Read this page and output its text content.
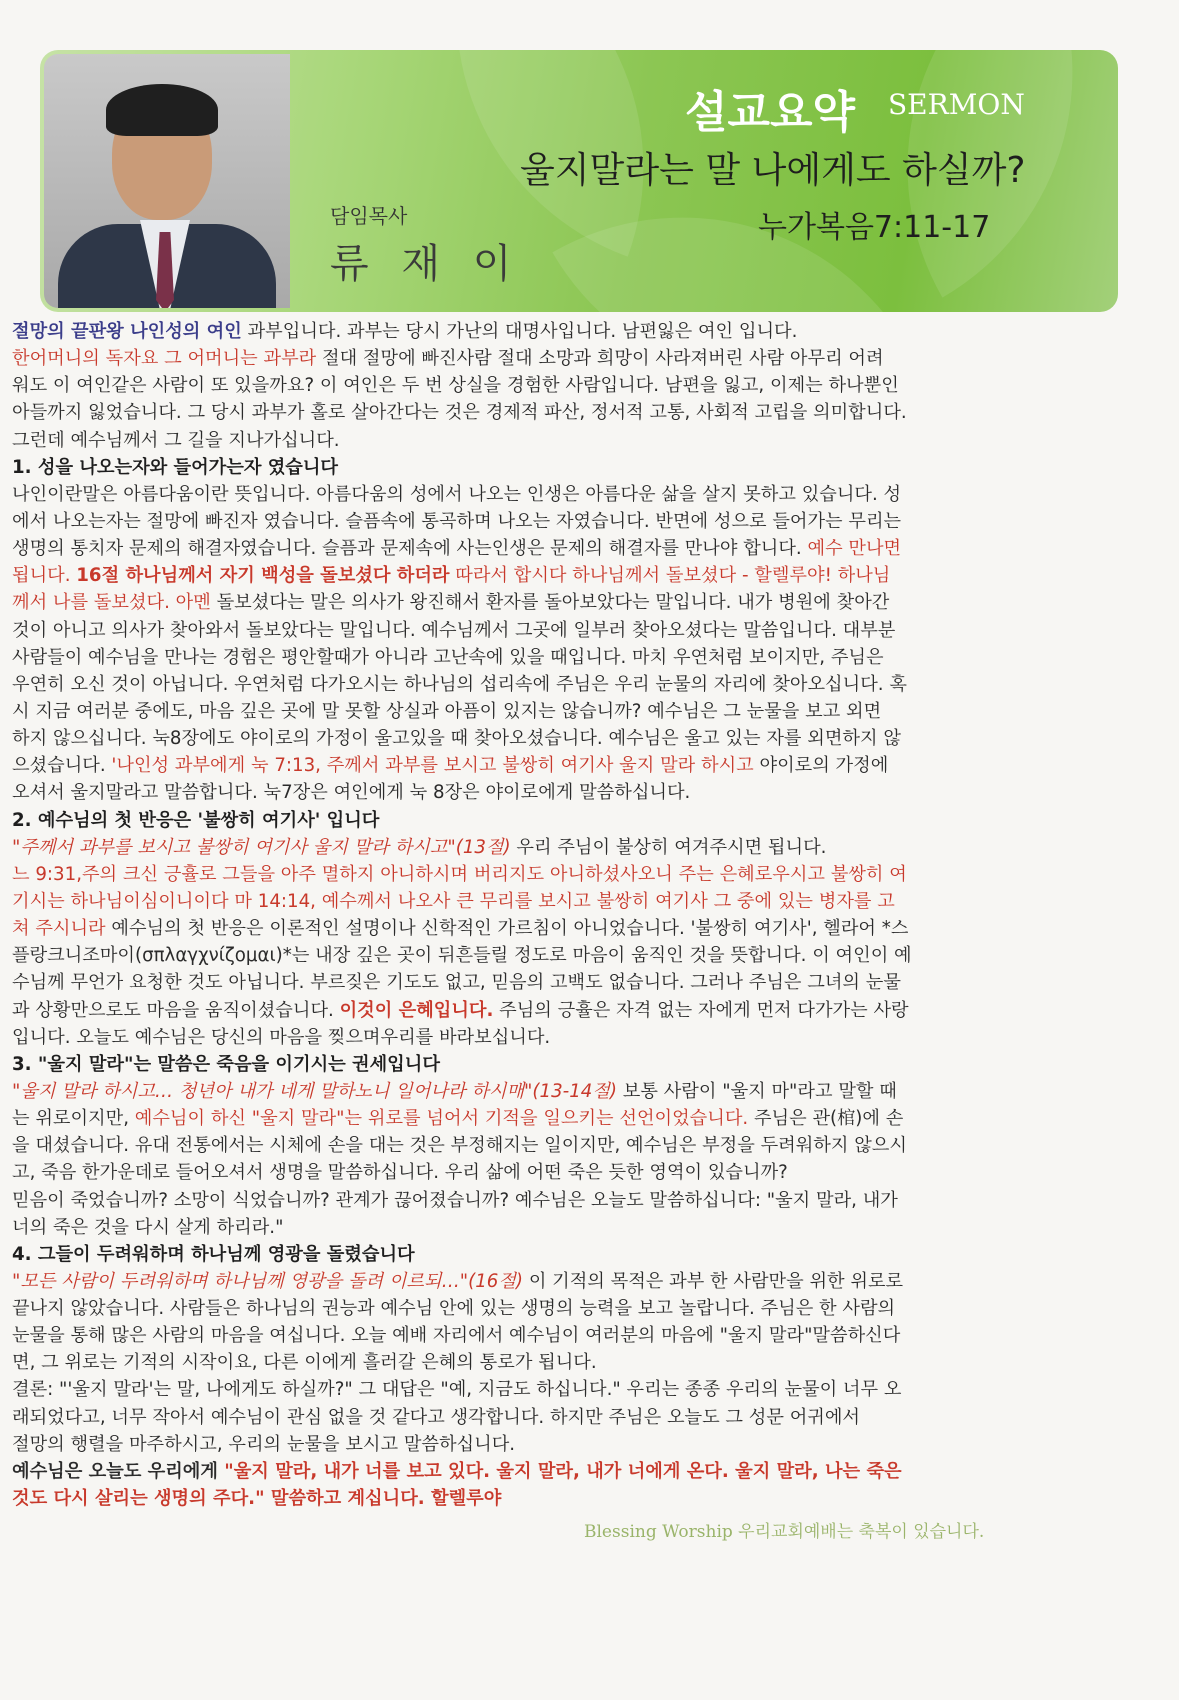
담임목사
류 재 이
설교요약 SERMON
울지말라는 말 나에게도 하실까?
누가복음7:11-17
절망의 끝판왕 나인성의 여인 과부입니다. 과부는 당시 가난의 대명사입니다. 남편잃은 여인 입니다.
한어머니의 독자요 그 어머니는 과부라 절대 절망에 빠진사람 절대 소망과 희망이 사라져버린 사람 아무리 어려
워도 이 여인같은 사람이 또 있을까요? 이 여인은 두 번 상실을 경험한 사람입니다. 남편을 잃고, 이제는 하나뿐인
아들까지 잃었습니다. 그 당시 과부가 홀로 살아간다는 것은 경제적 파산, 정서적 고통, 사회적 고립을 의미합니다.
그런데 예수님께서 그 길을 지나가십니다.
1. 성을 나오는자와 들어가는자 였습니다
나인이란말은 아름다움이란 뜻입니다. 아름다움의 성에서 나오는 인생은 아름다운 삶을 살지 못하고 있습니다. 성
에서 나오는자는 절망에 빠진자 였습니다. 슬픔속에 통곡하며 나오는 자였습니다. 반면에 성으로 들어가는 무리는
생명의 통치자 문제의 해결자였습니다. 슬픔과 문제속에 사는인생은 문제의 해결자를 만나야 합니다. 예수 만나면
됩니다. 16절 하나님께서 자기 백성을 돌보셨다 하더라 따라서 합시다 하나님께서 돌보셨다 - 할렐루야! 하나님
께서 나를 돌보셨다. 아멘 돌보셨다는 말은 의사가 왕진해서 환자를 돌아보았다는 말입니다. 내가 병원에 찾아간
것이 아니고 의사가 찾아와서 돌보았다는 말입니다. 예수님께서 그곳에 일부러 찾아오셨다는 말씀입니다. 대부분
사람들이 예수님을 만나는 경험은 평안할때가 아니라 고난속에 있을 때입니다. 마치 우연처럼 보이지만, 주님은
우연히 오신 것이 아닙니다. 우연처럼 다가오시는 하나님의 섭리속에 주님은 우리 눈물의 자리에 찾아오십니다. 혹
시 지금 여러분 중에도, 마음 깊은 곳에 말 못할 상실과 아픔이 있지는 않습니까? 예수님은 그 눈물을 보고 외면
하지 않으십니다. 눅8장에도 야이로의 가정이 울고있을 때 찾아오셨습니다. 예수님은 울고 있는 자를 외면하지 않
으셨습니다. '나인성 과부에게 눅 7:13, 주께서 과부를 보시고 불쌍히 여기사 울지 말라 하시고 야이로의 가정에
오셔서 울지말라고 말씀합니다. 눅7장은 여인에게 눅 8장은 야이로에게 말씀하십니다.
2. 예수님의 첫 반응은 '불쌍히 여기사' 입니다
"주께서 과부를 보시고 불쌍히 여기사 울지 말라 하시고"(13절) 우리 주님이 불상히 여겨주시면 됩니다.
느 9:31,주의 크신 긍휼로 그들을 아주 멸하지 아니하시며 버리지도 아니하셨사오니 주는 은혜로우시고 불쌍히 여
기시는 하나님이심이니이다 마 14:14, 예수께서 나오사 큰 무리를 보시고 불쌍히 여기사 그 중에 있는 병자를 고
쳐 주시니라 예수님의 첫 반응은 이론적인 설명이나 신학적인 가르침이 아니었습니다. '불쌍히 여기사', 헬라어 *스
플랑크니조마이(σπλαγχνίζομαι)*는 내장 깊은 곳이 뒤흔들릴 정도로 마음이 움직인 것을 뜻합니다. 이 여인이 예
수님께 무언가 요청한 것도 아닙니다. 부르짖은 기도도 없고, 믿음의 고백도 없습니다. 그러나 주님은 그녀의 눈물
과 상황만으로도 마음을 움직이셨습니다. 이것이 은혜입니다. 주님의 긍휼은 자격 없는 자에게 먼저 다가가는 사랑
입니다. 오늘도 예수님은 당신의 마음을 찢으며우리를 바라보십니다.
3. "울지 말라"는 말씀은 죽음을 이기시는 권세입니다
"울지 말라 하시고… 청년아 내가 네게 말하노니 일어나라 하시매"(13-14절) 보통 사람이 "울지 마"라고 말할 때
는 위로이지만, 예수님이 하신 "울지 말라"는 위로를 넘어서 기적을 일으키는 선언이었습니다. 주님은 관(棺)에 손
을 대셨습니다. 유대 전통에서는 시체에 손을 대는 것은 부정해지는 일이지만, 예수님은 부정을 두려워하지 않으시
고, 죽음 한가운데로 들어오셔서 생명을 말씀하십니다. 우리 삶에 어떤 죽은 듯한 영역이 있습니까?
믿음이 죽었습니까? 소망이 식었습니까? 관계가 끊어졌습니까? 예수님은 오늘도 말씀하십니다: "울지 말라, 내가
너의 죽은 것을 다시 살게 하리라."
4. 그들이 두려워하며 하나님께 영광을 돌렸습니다
"모든 사람이 두려워하며 하나님께 영광을 돌려 이르되…"(16절) 이 기적의 목적은 과부 한 사람만을 위한 위로로
끝나지 않았습니다. 사람들은 하나님의 권능과 예수님 안에 있는 생명의 능력을 보고 놀랍니다. 주님은 한 사람의
눈물을 통해 많은 사람의 마음을 여십니다. 오늘 예배 자리에서 예수님이 여러분의 마음에 "울지 말라"말씀하신다
면, 그 위로는 기적의 시작이요, 다른 이에게 흘러갈 은혜의 통로가 됩니다.
결론: "'울지 말라'는 말, 나에게도 하실까?" 그 대답은 "예, 지금도 하십니다." 우리는 종종 우리의 눈물이 너무 오
래되었다고, 너무 작아서 예수님이 관심 없을 것 같다고 생각합니다. 하지만 주님은 오늘도 그 성문 어귀에서
절망의 행렬을 마주하시고, 우리의 눈물을 보시고 말씀하십니다.
예수님은 오늘도 우리에게 "울지 말라, 내가 너를 보고 있다. 울지 말라, 내가 너에게 온다. 울지 말라, 나는 죽은
것도 다시 살리는 생명의 주다." 말씀하고 계십니다. 할렐루야
Blessing Worship 우리교회예배는 축복이 있습니다.
